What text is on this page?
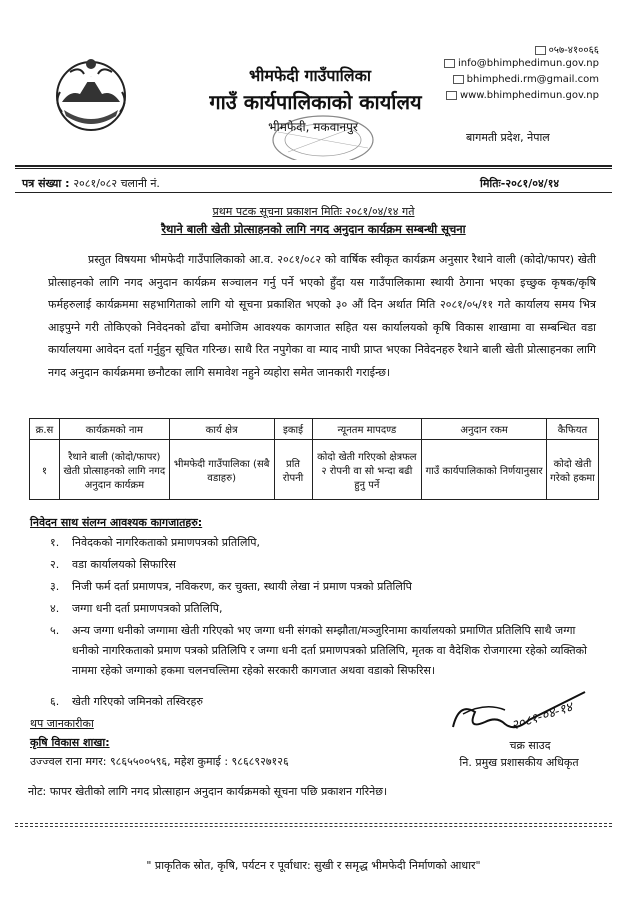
भीमफेदी गाउँपालिका
गाउँ कार्यपालिकाको कार्यालय
भीमफेदी, मकवानपुर
०५७-४१००६६
info@bhimphedimun.gov.np
bhimphedi.rm@gmail.com
www.bhimphedimun.gov.np
बागमती प्रदेश, नेपाल
पत्र संख्या : २०८१/०८२ चलानी नं.	मितिः-२०८१/०४/१४
प्रथम पटक सूचना प्रकाशन मितिः २०८१/०४/१४ गते
रैथाने बाली खेती प्रोत्साहनको लागि नगद अनुदान कार्यक्रम सम्बन्धी सूचना
प्रस्तुत विषयमा भीमफेदी गाउँपालिकाको आ.व. २०८१/०८२ को वार्षिक स्वीकृत कार्यक्रम अनुसार रैथाने वाली (कोदो/फापर) खेती प्रोत्साहनको लागि नगद अनुदान कार्यक्रम सञ्चालन गर्नु पर्ने भएको हुँदा यस गाउँपालिकामा स्थायी ठेगाना भएका इच्छुक कृषक/कृषि फर्महरुलाई कार्यक्रममा सहभागिताको लागि यो सूचना प्रकाशित भएको ३० औं दिन अर्थात मिति २०८१/०५/११ गते कार्यालय समय भित्र आइपुग्ने गरी तोकिएको निवेदनको ढाँचा बमोजिम आवश्यक कागजात सहित यस कार्यालयको कृषि विकास शाखामा वा सम्बन्धित वडा कार्यालयमा आवेदन दर्ता गर्नुहुन सूचित गरिन्छ। साथै रित नपुगेका वा म्याद नाघी प्राप्त भएका निवेदनहरु रैथाने बाली खेती प्रोत्साहनका लागि नगद अनुदान कार्यक्रममा छनौटका लागि समावेश नहुने व्यहोरा समेत जानकारी गराईन्छ।
क्र.स	कार्यक्रमको नाम	कार्य क्षेत्र	इकाई	न्यूनतम मापदण्ड	अनुदान रकम	कैफियत
१	रैथाने बाली (कोदो/फापर) खेती प्रोत्साहनको लागि नगद अनुदान कार्यक्रम	भीमफेदी गाउँपालिका (सबै वडाहरु)	प्रति रोपनी	कोदो खेती गरिएको क्षेत्रफल २ रोपनी वा सो भन्दा बढी हुनु पर्ने	गाउँ कार्यपालिकाको निर्णयानुसार	कोदो खेती गरेको हकमा
निवेदन साथ संलग्न आवश्यक कागजातहरु:
१. निवेदकको नागरिकताको प्रमाणपत्रको प्रतिलिपि,
२. वडा कार्यालयको सिफारिस
३. निजी फर्म दर्ता प्रमाणपत्र, नविकरण, कर चुक्ता, स्थायी लेखा नं प्रमाण पत्रको प्रतिलिपि
४. जग्गा धनी दर्ता प्रमाणपत्रको प्रतिलिपि,
५.	अन्य जग्गा धनीको जग्गामा खेती गरिएको भए जग्गा धनी संगको सम्झौता/मञ्जुरिनामा कार्यालयको प्रमाणित प्रतिलिपि साथै जग्गा धनीको नागरिकताको प्रमाण पत्रको प्रतिलिपि र जग्गा धनी दर्ता प्रमाणपत्रको प्रतिलिपि, मृतक वा वैदेशिक रोजगारमा रहेको व्यक्तिको नाममा रहेको जग्गाको हकमा चलनचल्तिमा रहेको सरकारी कागजात अथवा वडाको सिफरिस।
६. खेती गरिएको जमिनको तस्विरहरु
थप जानकारीका
कृषि विकास शाखा:
उज्ज्वल राना मगर: ९८६५५००५९६, महेश कुमाई : ९८६८९२७१२६
२०८१-०४-१४
चक्र साउद
नि. प्रमुख प्रशासकीय अधिकृत
नोट: फापर खेतीको लागि नगद प्रोत्साहान अनुदान कार्यक्रमको सूचना पछि प्रकाशन गरिनेछ।
" प्राकृतिक स्रोत, कृषि, पर्यटन र पूर्वाधार: सुखी र समृद्ध भीमफेदी निर्माणको आधार"
